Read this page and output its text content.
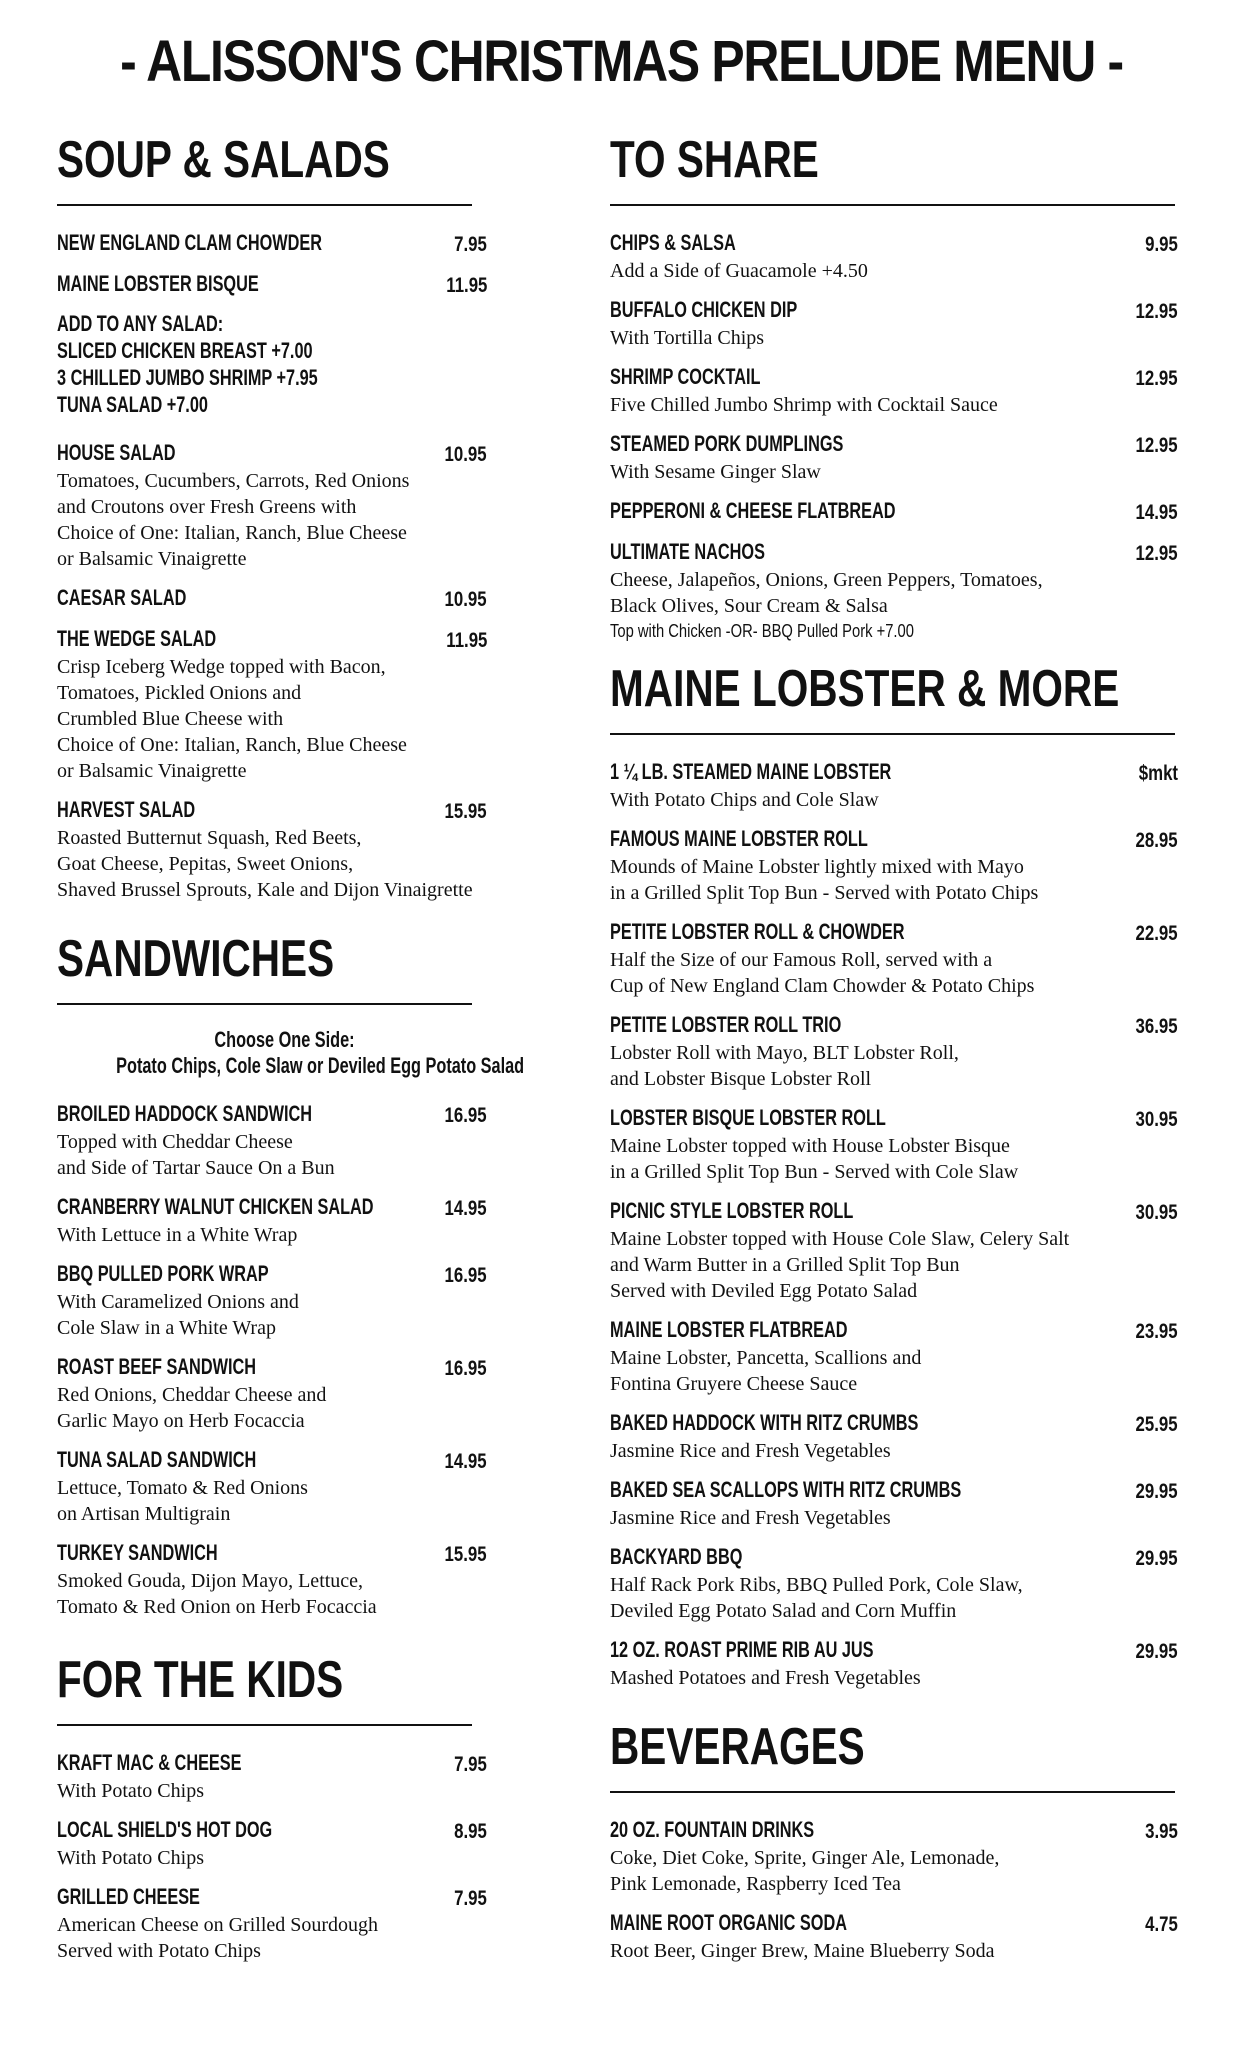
- ALISSON'S CHRISTMAS PRELUDE MENU -
SOUP & SALADS
NEW ENGLAND CLAM CHOWDER	7.95
MAINE LOBSTER BISQUE	11.95
ADD TO ANY SALAD:
SLICED CHICKEN BREAST +7.00
3 CHILLED JUMBO SHRIMP +7.95
TUNA SALAD +7.00
HOUSE SALAD	10.95
Tomatoes, Cucumbers, Carrots, Red Onions
and Croutons over Fresh Greens with
Choice of One: Italian, Ranch, Blue Cheese
or Balsamic Vinaigrette
CAESAR SALAD	10.95
THE WEDGE SALAD	11.95
Crisp Iceberg Wedge topped with Bacon,
Tomatoes, Pickled Onions and
Crumbled Blue Cheese with
Choice of One: Italian, Ranch, Blue Cheese
or Balsamic Vinaigrette
HARVEST SALAD	15.95
Roasted Butternut Squash, Red Beets,
Goat Cheese, Pepitas, Sweet Onions,
Shaved Brussel Sprouts, Kale and Dijon Vinaigrette
SANDWICHES
Choose One Side:
Potato Chips, Cole Slaw or Deviled Egg Potato Salad
BROILED HADDOCK SANDWICH	16.95
Topped with Cheddar Cheese
and Side of Tartar Sauce On a Bun
CRANBERRY WALNUT CHICKEN SALAD	14.95
With Lettuce in a White Wrap
BBQ PULLED PORK WRAP	16.95
With Caramelized Onions and
Cole Slaw in a White Wrap
ROAST BEEF SANDWICH	16.95
Red Onions, Cheddar Cheese and
Garlic Mayo on Herb Focaccia
TUNA SALAD SANDWICH	14.95
Lettuce, Tomato & Red Onions
on Artisan Multigrain
TURKEY SANDWICH	15.95
Smoked Gouda, Dijon Mayo, Lettuce,
Tomato & Red Onion on Herb Focaccia
FOR THE KIDS
KRAFT MAC & CHEESE	7.95
With Potato Chips
LOCAL SHIELD'S HOT DOG	8.95
With Potato Chips
GRILLED CHEESE	7.95
American Cheese on Grilled Sourdough
Served with Potato Chips
TO SHARE
CHIPS & SALSA	9.95
Add a Side of Guacamole +4.50
BUFFALO CHICKEN DIP	12.95
With Tortilla Chips
SHRIMP COCKTAIL	12.95
Five Chilled Jumbo Shrimp with Cocktail Sauce
STEAMED PORK DUMPLINGS	12.95
With Sesame Ginger Slaw
PEPPERONI & CHEESE FLATBREAD	14.95
ULTIMATE NACHOS	12.95
Cheese, Jalapeños, Onions, Green Peppers, Tomatoes,
Black Olives, Sour Cream & Salsa
Top with Chicken -OR- BBQ Pulled Pork +7.00
MAINE LOBSTER & MORE
1 ¼ LB. STEAMED MAINE LOBSTER	$mkt
With Potato Chips and Cole Slaw
FAMOUS MAINE LOBSTER ROLL	28.95
Mounds of Maine Lobster lightly mixed with Mayo
in a Grilled Split Top Bun - Served with Potato Chips
PETITE LOBSTER ROLL & CHOWDER	22.95
Half the Size of our Famous Roll, served with a
Cup of New England Clam Chowder & Potato Chips
PETITE LOBSTER ROLL TRIO	36.95
Lobster Roll with Mayo, BLT Lobster Roll,
and Lobster Bisque Lobster Roll
LOBSTER BISQUE LOBSTER ROLL	30.95
Maine Lobster topped with House Lobster Bisque
in a Grilled Split Top Bun - Served with Cole Slaw
PICNIC STYLE LOBSTER ROLL	30.95
Maine Lobster topped with House Cole Slaw, Celery Salt
and Warm Butter in a Grilled Split Top Bun
Served with Deviled Egg Potato Salad
MAINE LOBSTER FLATBREAD	23.95
Maine Lobster, Pancetta, Scallions and
Fontina Gruyere Cheese Sauce
BAKED HADDOCK WITH RITZ CRUMBS	25.95
Jasmine Rice and Fresh Vegetables
BAKED SEA SCALLOPS WITH RITZ CRUMBS	29.95
Jasmine Rice and Fresh Vegetables
BACKYARD BBQ	29.95
Half Rack Pork Ribs, BBQ Pulled Pork, Cole Slaw,
Deviled Egg Potato Salad and Corn Muffin
12 OZ. ROAST PRIME RIB AU JUS	29.95
Mashed Potatoes and Fresh Vegetables
BEVERAGES
20 OZ. FOUNTAIN DRINKS	3.95
Coke, Diet Coke, Sprite, Ginger Ale, Lemonade,
Pink Lemonade, Raspberry Iced Tea
MAINE ROOT ORGANIC SODA	4.75
Root Beer, Ginger Brew, Maine Blueberry Soda
